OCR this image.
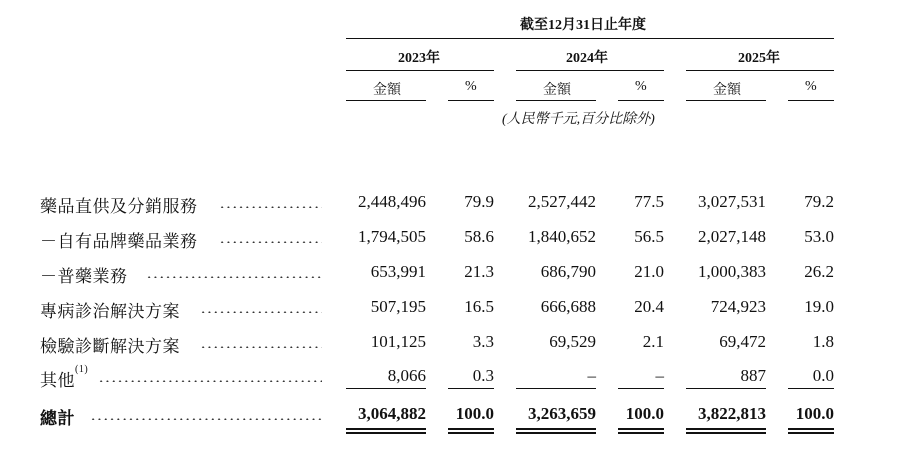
截至12月31日止年度
2023年	2024年	2025年
金額	%	金額	%	金額	%
(人民幣千元,百分比除外)
藥品直供及分銷服務	2,448,496	79.9	2,527,442	77.5	3,027,531	79.2
－自有品牌藥品業務	1,794,505	58.6	1,840,652	56.5	2,027,148	53.0
－普藥業務	653,991	21.3	686,790	21.0	1,000,383	26.2
專病診治解決方案	507,195	16.5	666,688	20.4	724,923	19.0
檢驗診斷解決方案	101,125	3.3	69,529	2.1	69,472	1.8
其他$^{(1)}$	8,066	0.3	–	–	887	0.0
總計	3,064,882	100.0	3,263,659	100.0	3,822,813	100.0
